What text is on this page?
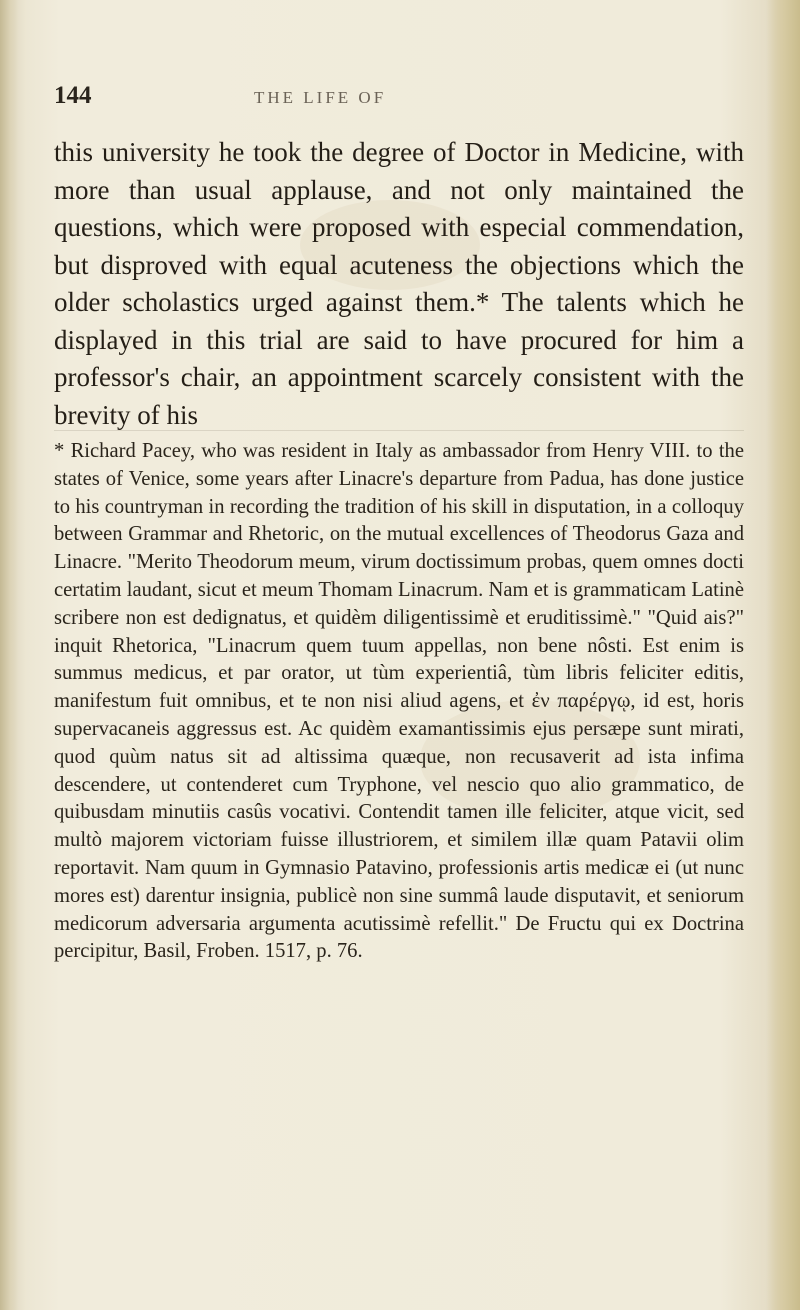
144	THE LIFE OF

this university he took the degree of Doctor in Medicine, with more than usual applause, and not only maintained the questions, which were proposed with especial commendation, but disproved with equal acuteness the objections which the older scholastics urged against them.* The talents which he displayed in this trial are said to have procured for him a professor's chair, an appointment scarcely consistent with the brevity of his

* Richard Pacey, who was resident in Italy as ambassador from Henry VIII. to the states of Venice, some years after Linacre's departure from Padua, has done justice to his countryman in recording the tradition of his skill in disputation, in a colloquy between Grammar and Rhetoric, on the mutual excellences of Theodorus Gaza and Linacre. "Merito Theodorum meum, virum doctissimum probas, quem omnes docti certatim laudant, sicut et meum Thomam Linacrum. Nam et is grammaticam Latinè scribere non est dedignatus, et quidèm diligentissimè et eruditissimè." "Quid ais?" inquit Rhetorica, "Linacrum quem tuum appellas, non bene nôsti. Est enim is summus medicus, et par orator, ut tùm experientiâ, tùm libris feliciter editis, manifestum fuit omnibus, et te non nisi aliud agens, et ἐν παρέργῳ, id est, horis supervacaneis aggressus est. Ac quidèm examantissimis ejus persæpe sunt mirati, quod quùm natus sit ad altissima quæque, non recusaverit ad ista infima descendere, ut contenderet cum Tryphone, vel nescio quo alio grammatico, de quibusdam minutiis casûs vocativi. Contendit tamen ille feliciter, atque vicit, sed multò majorem victoriam fuisse illustriorem, et similem illæ quam Patavii olim reportavit. Nam quum in Gymnasio Patavino, professionis artis medicæ ei (ut nunc mores est) darentur insignia, publicè non sine summâ laude disputavit, et seniorum medicorum adversaria argumenta acutissimè refellit." De Fructu qui ex Doctrina percipitur, Basil, Froben. 1517, p. 76.
